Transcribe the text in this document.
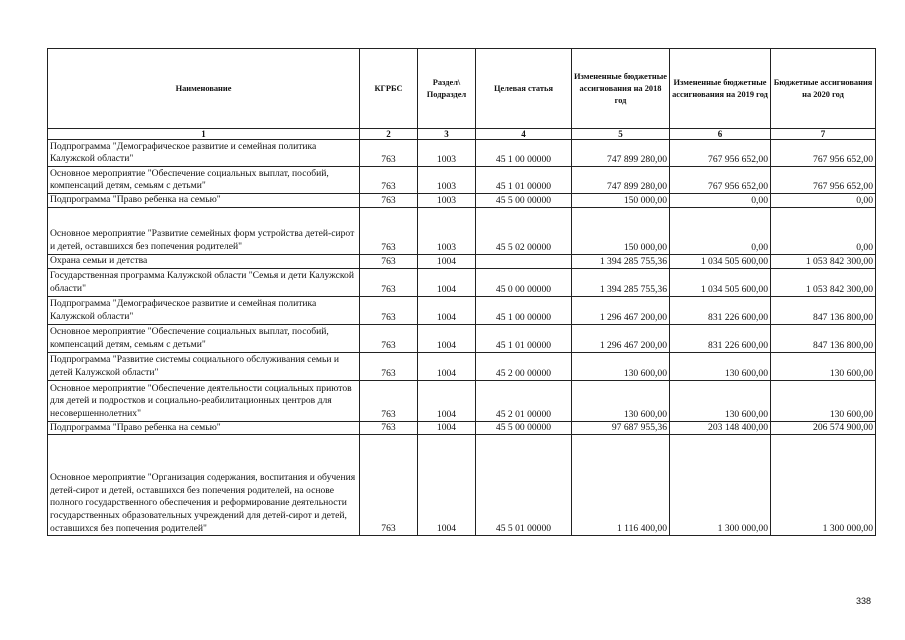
Наименование	КГРБС	Раздел\ Подраздел	Целевая статья	Измененные бюджетные ассигнования на 2018 год	Измененные бюджетные ассигнования на 2019 год	Бюджетные ассигнования на 2020 год
1	2	3	4	5	6	7
Подпрограмма "Демографическое развитие и семейная политика Калужской области"	763	1003	45 1 00 00000	747 899 280,00	767 956 652,00	767 956 652,00
Основное мероприятие "Обеспечение социальных выплат, пособий, компенсаций детям, семьям с детьми"	763	1003	45 1 01 00000	747 899 280,00	767 956 652,00	767 956 652,00
Подпрограмма "Право ребенка на семью"	763	1003	45 5 00 00000	150 000,00	0,00	0,00
Основное мероприятие "Развитие семейных форм устройства детей-сирот и детей, оставшихся без попечения родителей"	763	1003	45 5 02 00000	150 000,00	0,00	0,00
Охрана семьи и детства	763	1004		1 394 285 755,36	1 034 505 600,00	1 053 842 300,00
Государственная программа Калужской области "Семья и дети Калужской области"	763	1004	45 0 00 00000	1 394 285 755,36	1 034 505 600,00	1 053 842 300,00
Подпрограмма "Демографическое развитие и семейная политика Калужской области"	763	1004	45 1 00 00000	1 296 467 200,00	831 226 600,00	847 136 800,00
Основное мероприятие "Обеспечение социальных выплат, пособий, компенсаций детям, семьям с детьми"	763	1004	45 1 01 00000	1 296 467 200,00	831 226 600,00	847 136 800,00
Подпрограмма "Развитие системы социального обслуживания семьи и детей Калужской области"	763	1004	45 2 00 00000	130 600,00	130 600,00	130 600,00
Основное мероприятие "Обеспечение деятельности социальных приютов для детей и подростков и социально-реабилитационных центров для несовершеннолетних"	763	1004	45 2 01 00000	130 600,00	130 600,00	130 600,00
Подпрограмма "Право ребенка на семью"	763	1004	45 5 00 00000	97 687 955,36	203 148 400,00	206 574 900,00
Основное мероприятие "Организация содержания, воспитания и обучения детей-сирот и детей, оставшихся без попечения родителей, на основе полного государственного обеспечения и реформирование деятельности государственных образовательных учреждений для детей-сирот и детей, оставшихся без попечения родителей"	763	1004	45 5 01 00000	1 116 400,00	1 300 000,00	1 300 000,00
338
